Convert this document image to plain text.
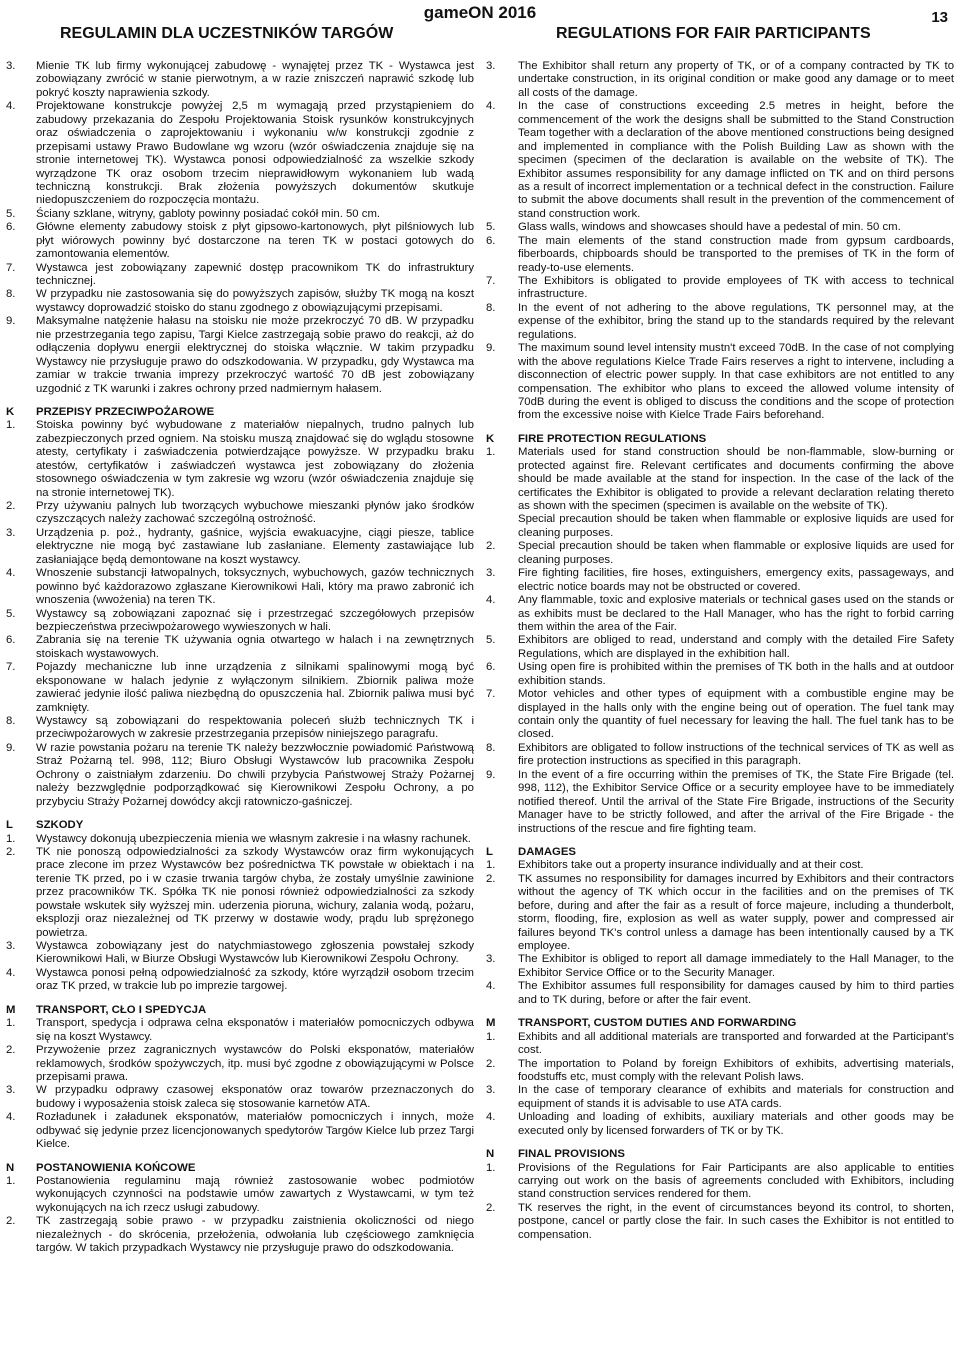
gameON 2016	13
REGULAMIN DLA UCZESTNIKÓW TARGÓW	REGULATIONS FOR FAIR PARTICIPANTS
3.	Mienie TK lub firmy wykonującej zabudowę - wynajętej przez TK - Wystawca jest zobowiązany zwrócić w stanie pierwotnym, a w razie zniszczeń naprawić szkodę lub pokryć koszty naprawienia szkody.
4.	Projektowane konstrukcje powyżej 2,5 m wymagają przed przystąpieniem do zabudowy przekazania do Zespołu Projektowania Stoisk rysunków konstrukcyjnych oraz oświadczenia o zaprojektowaniu i wykonaniu w/w konstrukcji zgodnie z przepisami ustawy Prawo Budowlane wg wzoru (wzór oświadczenia znajduje się na stronie internetowej TK). Wystawca ponosi odpowiedzialność za wszelkie szkody wyrządzone TK oraz osobom trzecim nieprawidłowym wykonaniem lub wadą techniczną konstrukcji. Brak złożenia powyższych dokumentów skutkuje niedopuszczeniem do rozpoczęcia montażu.
5.	Ściany szklane, witryny, gabloty powinny posiadać cokół min. 50 cm.
6.	Główne elementy zabudowy stoisk z płyt gipsowo-kartonowych, płyt pilśniowych lub płyt wiórowych powinny być dostarczone na teren TK w postaci gotowych do zamontowania elementów.
7.	Wystawca jest zobowiązany zapewnić dostęp pracownikom TK do infrastruktury technicznej.
8.	W przypadku nie zastosowania się do powyższych zapisów, służby TK mogą na koszt wystawcy doprowadzić stoisko do stanu zgodnego z obowiązującymi przepisami.
9.	Maksymalne natężenie hałasu na stoisku nie może przekroczyć 70 dB. W przypadku nie przestrzegania tego zapisu, Targi Kielce zastrzegają sobie prawo do reakcji, aż do odłączenia dopływu energii elektrycznej do stoiska włącznie. W takim przypadku Wystawcy nie przysługuje prawo do odszkodowania. W przypadku, gdy Wystawca ma zamiar w trakcie trwania imprezy przekroczyć wartość 70 dB jest zobowiązany uzgodnić z TK warunki i zakres ochrony przed nadmiernym hałasem.
K	PRZEPISY PRZECIWPOŻAROWE
1.	Stoiska powinny być wybudowane z materiałów niepalnych, trudno palnych lub zabezpieczonych przed ogniem. Na stoisku muszą znajdować się do wglądu stosowne atesty, certyfikaty i zaświadczenia potwierdzające powyższe. W przypadku braku atestów, certyfikatów i zaświadczeń wystawca jest zobowiązany do złożenia stosownego oświadczenia w tym zakresie wg wzoru (wzór oświadczenia znajduje się na stronie internetowej TK).
2.	Przy używaniu palnych lub tworzących wybuchowe mieszanki płynów jako środków czyszczących należy zachować szczególną ostrożność.
3.	Urządzenia p. poż., hydranty, gaśnice, wyjścia ewakuacyjne, ciągi piesze, tablice elektryczne nie mogą być zastawiane lub zasłaniane. Elementy zastawiające lub zasłaniające będą demontowane na koszt wystawcy.
4.	Wnoszenie substancji łatwopalnych, toksycznych, wybuchowych, gazów technicznych powinno być każdorazowo zgłaszane Kierownikowi Hali, który ma prawo zabronić ich wnoszenia (wwożenia) na teren TK.
5.	Wystawcy są zobowiązani zapoznać się i przestrzegać szczegółowych przepisów bezpieczeństwa przeciwpożarowego wywieszonych w hali.
6.	Zabrania się na terenie TK używania ognia otwartego w halach i na zewnętrznych stoiskach wystawowych.
7.	Pojazdy mechaniczne lub inne urządzenia z silnikami spalinowymi mogą być eksponowane w halach jedynie z wyłączonym silnikiem. Zbiornik paliwa może zawierać jedynie ilość paliwa niezbędną do opuszczenia hal. Zbiornik paliwa musi być zamknięty.
8.	Wystawcy są zobowiązani do respektowania poleceń służb technicznych TK i przeciwpożarowych w zakresie przestrzegania przepisów niniejszego paragrafu.
9.	W razie powstania pożaru na terenie TK należy bezzwłocznie powiadomić Państwową Straż Pożarną tel. 998, 112; Biuro Obsługi Wystawców lub pracownika Zespołu Ochrony o zaistniałym zdarzeniu. Do chwili przybycia Państwowej Straży Pożarnej należy bezzwględnie podporządkować się Kierownikowi Zespołu Ochrony, a po przybyciu Straży Pożarnej dowódcy akcji ratowniczo-gaśniczej.
L	SZKODY
1.	Wystawcy dokonują ubezpieczenia mienia we własnym zakresie i na własny rachunek.
2.	TK nie ponoszą odpowiedzialności za szkody Wystawców oraz firm wykonujących prace zlecone im przez Wystawców bez pośrednictwa TK powstałe w obiektach i na terenie TK przed, po i w czasie trwania targów chyba, że zostały umyślnie zawinione przez pracowników TK. Spółka TK nie ponosi również odpowiedzialności za szkody powstałe wskutek siły wyższej min. uderzenia pioruna, wichury, zalania wodą, pożaru, eksplozji oraz niezależnej od TK przerwy w dostawie wody, prądu lub sprężonego powietrza.
3.	Wystawca zobowiązany jest do natychmiastowego zgłoszenia powstałej szkody Kierownikowi Hali, w Biurze Obsługi Wystawców lub Kierownikowi Zespołu Ochrony.
4.	Wystawca ponosi pełną odpowiedzialność za szkody, które wyrządził osobom trzecim oraz TK przed, w trakcie lub po imprezie targowej.
M	TRANSPORT, CŁO I SPEDYCJA
1.	Transport, spedycja i odprawa celna eksponatów i materiałów pomocniczych odbywa się na koszt Wystawcy.
2.	Przywożenie przez zagranicznych wystawców do Polski eksponatów, materiałów reklamowych, środków spożywczych, itp. musi być zgodne z obowiązującymi w Polsce przepisami prawa.
3.	W przypadku odprawy czasowej eksponatów oraz towarów przeznaczonych do budowy i wyposażenia stoisk zaleca się stosowanie karnetów ATA.
4.	Rozładunek i załadunek eksponatów, materiałów pomocniczych i innych, może odbywać się jedynie przez licencjonowanych spedytorów Targów Kielce lub przez Targi Kielce.
N	POSTANOWIENIA KOŃCOWE
1.	Postanowienia regulaminu mają również zastosowanie wobec podmiotów wykonujących czynności na podstawie umów zawartych z Wystawcami, w tym też wykonujących na ich rzecz usługi zabudowy.
2.	TK zastrzegają sobie prawo - w przypadku zaistnienia okoliczności od niego niezależnych - do skrócenia, przełożenia, odwołania lub częściowego zamknięcia targów. W takich przypadkach Wystawcy nie przysługuje prawo do odszkodowania.
3.	The Exhibitor shall return any property of TK, or of a company contracted by TK to undertake construction, in its original condition or make good any damage or to meet all costs of the damage.
4.	In the case of constructions exceeding 2.5 metres in height, before the commencement of the work the designs shall be submitted to the Stand Construction Team together with a declaration of the above mentioned constructions being designed and implemented in compliance with the Polish Building Law as shown with the specimen (specimen of the declaration is available on the website of TK). The Exhibitor assumes responsibility for any damage inflicted on TK and on third persons as a result of incorrect implementation or a technical defect in the construction. Failure to submit the above documents shall result in the prevention of the commencement of stand construction work.
5.	Glass walls, windows and showcases should have a pedestal of min. 50 cm.
6.	The main elements of the stand construction made from gypsum cardboards, fiberboards, chipboards should be transported to the premises of TK in the form of ready-to-use elements.
7.	The Exhibitors is obligated to provide employees of TK with access to technical infrastructure.
8.	In the event of not adhering to the above regulations, TK personnel may, at the expense of the exhibitor, bring the stand up to the standards required by the relevant regulations.
9.	The maximum sound level intensity mustn't exceed 70dB. In the case of not complying with the above regulations Kielce Trade Fairs reserves a right to intervene, including a disconnection of electric power supply. In that case exhibitors are not entitled to any compensation. The exhibitor who plans to exceed the allowed volume intensity of 70dB during the event is obliged to discuss the conditions and the scope of protection from the excessive noise with Kielce Trade Fairs beforehand.
K	FIRE PROTECTION REGULATIONS
1.	Materials used for stand construction should be non-flammable, slow-burning or protected against fire. Relevant certificates and documents confirming the above should be made available at the stand for inspection. In the case of the lack of the certificates the Exhibitor is obligated to provide a relevant declaration relating thereto as shown with the specimen (specimen is available on the website of TK).
Special precaution should be taken when flammable or explosive liquids are used for cleaning purposes.
2.	Special precaution should be taken when flammable or explosive liquids are used for cleaning purposes.
3.	Fire fighting facilities, fire hoses, extinguishers, emergency exits, passageways, and electric notice boards may not be obstructed or covered.
4.	Any flammable, toxic and explosive materials or technical gases used on the stands or as exhibits must be declared to the Hall Manager, who has the right to forbid carring them within the area of the Fair.
5.	Exhibitors are obliged to read, understand and comply with the detailed Fire Safety Regulations, which are displayed in the exhibition hall.
6.	Using open fire is prohibited within the premises of TK both in the halls and at outdoor exhibition stands.
7.	Motor vehicles and other types of equipment with a combustible engine may be displayed in the halls only with the engine being out of operation. The fuel tank may contain only the quantity of fuel necessary for leaving the hall. The fuel tank has to be closed.
8.	Exhibitors are obligated to follow instructions of the technical services of TK as well as fire protection instructions as specified in this paragraph.
9.	In the event of a fire occurring within the premises of TK, the State Fire Brigade (tel. 998, 112), the Exhibitor Service Office or a security employee have to be immediately notified thereof. Until the arrival of the State Fire Brigade, instructions of the Security Manager have to be strictly followed, and after the arrival of the Fire Brigade - the instructions of the rescue and fire fighting team.
L	DAMAGES
1.	Exhibitors take out a property insurance individually and at their cost.
2.	TK assumes no responsibility for damages incurred by Exhibitors and their contractors without the agency of TK which occur in the facilities and on the premises of TK before, during and after the fair as a result of force majeure, including a thunderbolt, storm, flooding, fire, explosion as well as water supply, power and compressed air failures beyond TK's control unless a damage has been intentionally caused by a TK employee.
3.	The Exhibitor is obliged to report all damage immediately to the Hall Manager, to the Exhibitor Service Office or to the Security Manager.
4.	The Exhibitor assumes full responsibility for damages caused by him to third parties and to TK during, before or after the fair event.
M	TRANSPORT, CUSTOM DUTIES AND FORWARDING
1.	Exhibits and all additional materials are transported and forwarded at the Participant's cost.
2.	The importation to Poland by foreign Exhibitors of exhibits, advertising materials, foodstuffs etc, must comply with the relevant Polish laws.
3.	In the case of temporary clearance of exhibits and materials for construction and equipment of stands it is advisable to use ATA cards.
4.	Unloading and loading of exhibits, auxiliary materials and other goods may be executed only by licensed forwarders of TK or by TK.
N	FINAL PROVISIONS
1.	Provisions of the Regulations for Fair Participants are also applicable to entities carrying out work on the basis of agreements concluded with Exhibitors, including stand construction services rendered for them.
2.	TK reserves the right, in the event of circumstances beyond its control, to shorten, postpone, cancel or partly close the fair. In such cases the Exhibitor is not entitled to compensation.
